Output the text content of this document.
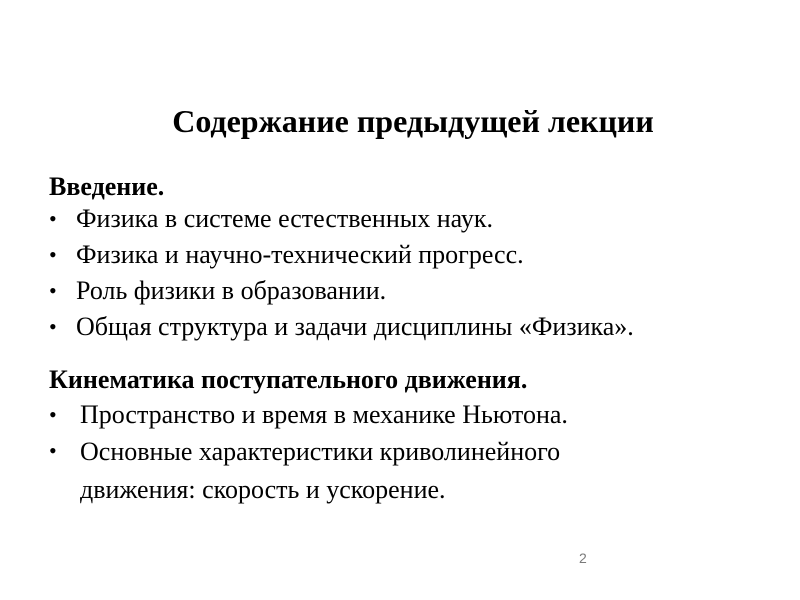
Содержание предыдущей лекции
Введение.
• Физика в системе естественных наук.
• Физика и научно-технический прогресс.
• Роль физики в образовании.
• Общая структура и задачи дисциплины «Физика».
Кинематика поступательного движения.
• Пространство и время в механике Ньютона.
• Основные характеристики криволинейного движения: скорость и ускорение.
2
